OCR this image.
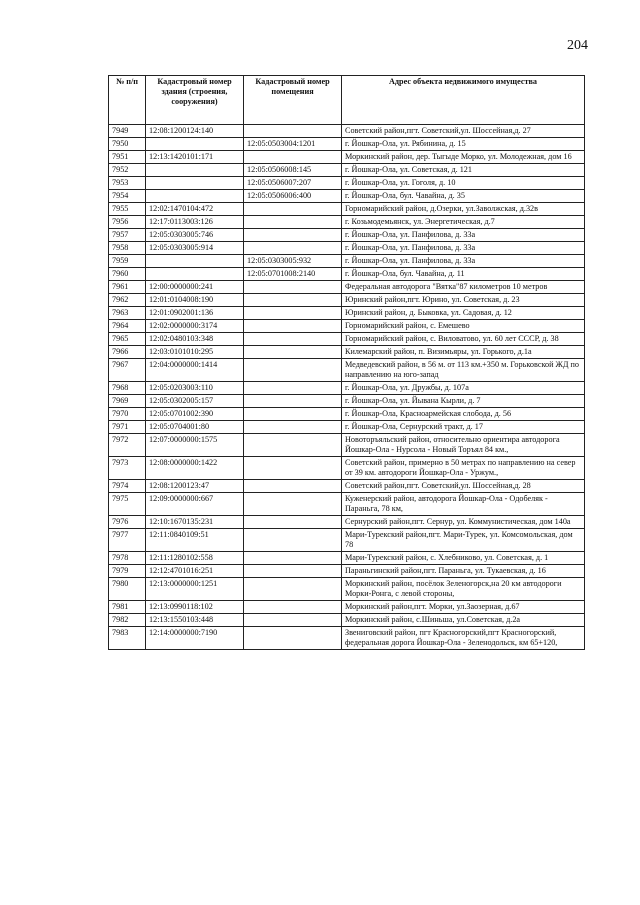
204
№ п/п	Кадастровый номер здания (строения, сооружения)	Кадастровый номер помещения	Адрес объекта недвижимого имущества
7949	12:08:1200124:140		Советский район,пгт. Советский,ул. Шоссейная,д. 27
7950		12:05:0503004:1201	г. Йошкар-Ола, ул. Рябинина, д. 15
7951	12:13:1420101:171		Моркинский район, дер. Тыгыде Морко, ул. Молодежная, дом 16
7952		12:05:0506008:145	г. Йошкар-Ола, ул. Советская, д. 121
7953		12:05:0506007:207	г. Йошкар-Ола, ул. Гоголя, д. 10
7954		12:05:0506006:400	г. Йошкар-Ола, бул. Чавайна, д. 35
7955	12:02:1470104:472		Горномарийский район, д.Озерки, ул.Заволжская, д.32в
7956	12:17:0113003:126		г. Козьмодемьянск, ул. Энергетическая, д.7
7957	12:05:0303005:746		г. Йошкар-Ола, ул. Панфилова, д. 33а
7958	12:05:0303005:914		г. Йошкар-Ола, ул. Панфилова, д. 33а
7959		12:05:0303005:932	г. Йошкар-Ола, ул. Панфилова, д. 33а
7960		12:05:0701008:2140	г. Йошкар-Ола, бул. Чавайна, д. 11
7961	12:00:0000000:241		Федеральная автодорога "Вятка"87 километров 10 метров
7962	12:01:0104008:190		Юринский район,пгт. Юрино, ул. Советская, д. 23
7963	12:01:0902001:136		Юринский район, д. Быковка, ул. Садовая, д. 12
7964	12:02:0000000:3174		Горномарийский район, с. Емешево
7965	12:02:0480103:348		Горномарийский район, с. Виловатово, ул. 60 лет СССР, д. 38
7966	12:03:0101010:295		Килемарский район, п. Визимьяры, ул. Горького, д.1а
7967	12:04:0000000:1414		Медведевский район, в 56 м. от 113 км.+350 м. Горьковской ЖД по направлению на юго-запад
7968	12:05:0203003:110		г. Йошкар-Ола, ул. Дружбы, д. 107а
7969	12:05:0302005:157		г. Йошкар-Ола, ул. Йывана Кырли, д. 7
7970	12:05:0701002:390		г. Йошкар-Ола, Красноармейская слобода, д. 56
7971	12:05:0704001:80		г. Йошкар-Ола, Сернурский тракт, д. 17
7972	12:07:0000000:1575		Новоторъяльский район, относительно ориентира автодорога Йошкар-Ола - Нурсола - Новый Торъял 84 км.,
7973	12:08:0000000:1422		Советский район, примерно в 50 метрах по направлению на север от 39 км. автодороги Йошкар-Ола - Уржум.,
7974	12:08:1200123:47		Советский район,пгт. Советский,ул. Шоссейная,д. 28
7975	12:09:0000000:667		Куженерский район, автодорога Йошкар-Ола - Одобеляк - Параньга, 78 км,
7976	12:10:1670135:231		Сернурский район,пгт. Сернур, ул. Коммунистическая, дом 140а
7977	12:11:0840109:51		Мари-Турекский район,пгт. Мари-Турек, ул. Комсомольская, дом 78
7978	12:11:1280102:558		Мари-Турекский район, с. Хлебниково, ул. Советская, д. 1
7979	12:12:4701016:251		Параньгинский район,пгт. Параньга, ул. Тукаевская, д. 16
7980	12:13:0000000:1251		Моркинский район, посёлок Зеленогорск,на 20 км автодороги Морки-Ронга, с левой стороны,
7981	12:13:0990118:102		Моркинский район,пгт. Морки, ул.Заозерная, д.67
7982	12:13:1550103:448		Моркинский район, с.Шиньша, ул.Советская, д.2а
7983	12:14:0000000:7190		Звениговский район, пгт Красногорский,пгт Красногорский, федеральная дорога Йошкар-Ола - Зеленодольск, км 65+120,
